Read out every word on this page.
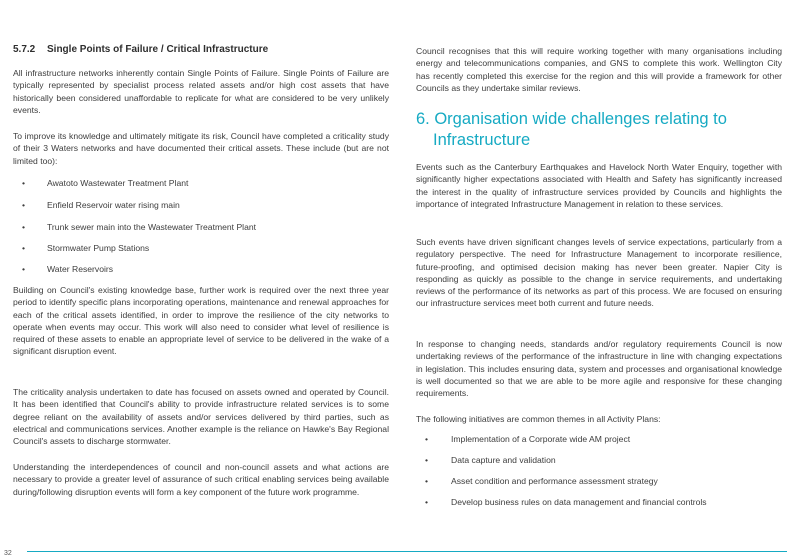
5.7.2 Single Points of Failure / Critical Infrastructure

All infrastructure networks inherently contain Single Points of Failure. Single Points of Failure are typically represented by specialist process related assets and/or high cost assets that have historically been considered unaffordable to replicate for what are considered to be very unlikely events.

To improve its knowledge and ultimately mitigate its risk, Council have completed a criticality study of their 3 Waters networks and have documented their critical assets. These include (but are not limited too):

•	Awatoto Wastewater Treatment Plant
•	Enfield Reservoir water rising main
•	Trunk sewer main into the Wastewater Treatment Plant
•	Stormwater Pump Stations
•	Water Reservoirs

Building on Council's existing knowledge base, further work is required over the next three year period to identify specific plans incorporating operations, maintenance and renewal approaches for each of the critical assets identified, in order to improve the resilience of the city networks to operate when events may occur. This work will also need to consider what level of resilience is required of these assets to enable an appropriate level of service to be delivered in the wake of a significant disruption event.

The criticality analysis undertaken to date has focused on assets owned and operated by Council. It has been identified that Council's ability to provide infrastructure related services is to some degree reliant on the availability of assets and/or services delivered by third parties, such as electrical and communications services. Another example is the reliance on Hawke's Bay Regional Council's assets to discharge stormwater.

Understanding the interdependences of council and non-council assets and what actions are necessary to provide a greater level of assurance of such critical enabling services being available during/following disruption events will form a key component of the future work programme.

Council recognises that this will require working together with many organisations including energy and telecommunications companies, and GNS to complete this work. Wellington City has recently completed this exercise for the region and this will provide a framework for other Councils as they undertake similar reviews.

6. Organisation wide challenges relating to
Infrastructure

Events such as the Canterbury Earthquakes and Havelock North Water Enquiry, together with significantly higher expectations associated with Health and Safety has significantly increased the interest in the quality of infrastructure services provided by Councils and highlights the importance of integrated Infrastructure Management in relation to these services.

Such events have driven significant changes levels of service expectations, particularly from a regulatory perspective. The need for Infrastructure Management to incorporate resilience, future-proofing, and optimised decision making has never been greater. Napier City is responding as quickly as possible to the change in service requirements, and undertaking reviews of the performance of its networks as part of this process. We are focused on ensuring our infrastructure services meet both current and future needs.

In response to changing needs, standards and/or regulatory requirements Council is now undertaking reviews of the performance of the infrastructure in line with changing expectations in legislation. This includes ensuring data, system and processes and organisational knowledge is well documented so that we are able to be more agile and responsive for these changing requirements.

The following initiatives are common themes in all Activity Plans:

•	Implementation of a Corporate wide AM project
•	Data capture and validation
•	Asset condition and performance assessment strategy
•	Develop business rules on data management and financial controls
32
